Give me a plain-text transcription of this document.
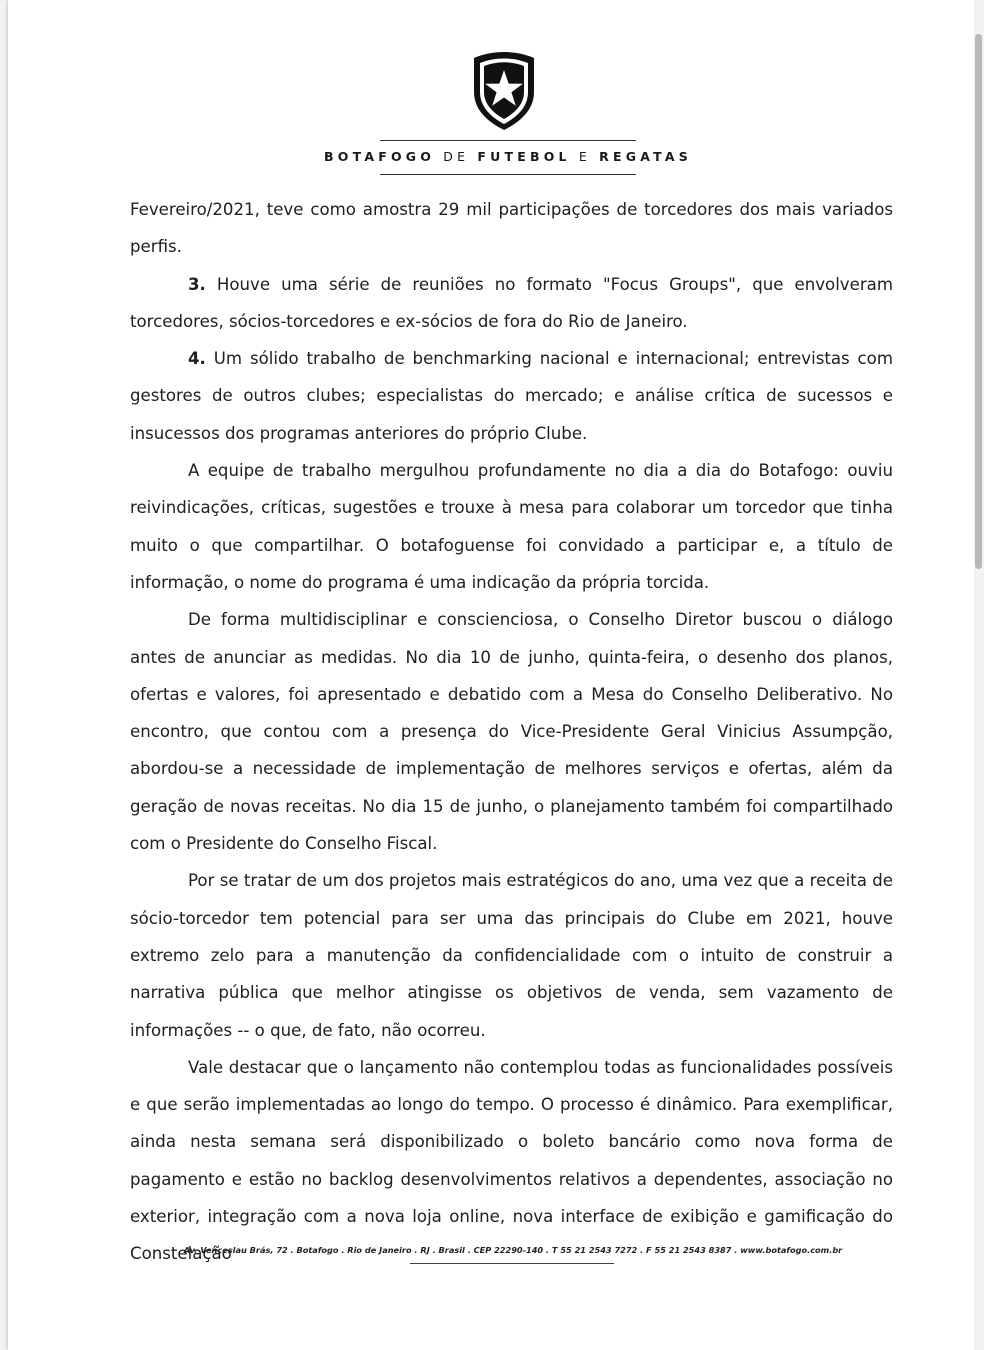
BOTAFOGO DE FUTEBOL E REGATAS

Fevereiro/2021, teve como amostra 29 mil participações de torcedores dos mais variados perfis.

3. Houve uma série de reuniões no formato "Focus Groups", que envolveram torcedores, sócios-torcedores e ex-sócios de fora do Rio de Janeiro.

4. Um sólido trabalho de benchmarking nacional e internacional; entrevistas com gestores de outros clubes; especialistas do mercado; e análise crítica de sucessos e insucessos dos programas anteriores do próprio Clube.

A equipe de trabalho mergulhou profundamente no dia a dia do Botafogo: ouviu reivindicações, críticas, sugestões e trouxe à mesa para colaborar um torcedor que tinha muito o que compartilhar. O botafoguense foi convidado a participar e, a título de informação, o nome do programa é uma indicação da própria torcida.

De forma multidisciplinar e conscienciosa, o Conselho Diretor buscou o diálogo antes de anunciar as medidas. No dia 10 de junho, quinta-feira, o desenho dos planos, ofertas e valores, foi apresentado e debatido com a Mesa do Conselho Deliberativo. No encontro, que contou com a presença do Vice-Presidente Geral Vinicius Assumpção, abordou-se a necessidade de implementação de melhores serviços e ofertas, além da geração de novas receitas. No dia 15 de junho, o planejamento também foi compartilhado com o Presidente do Conselho Fiscal.

Por se tratar de um dos projetos mais estratégicos do ano, uma vez que a receita de sócio-torcedor tem potencial para ser uma das principais do Clube em 2021, houve extremo zelo para a manutenção da confidencialidade com o intuito de construir a narrativa pública que melhor atingisse os objetivos de venda, sem vazamento de informações -- o que, de fato, não ocorreu.

Vale destacar que o lançamento não contemplou todas as funcionalidades possíveis e que serão implementadas ao longo do tempo. O processo é dinâmico. Para exemplificar, ainda nesta semana será disponibilizado o boleto bancário como nova forma de pagamento e estão no backlog desenvolvimentos relativos a dependentes, associação no exterior, integração com a nova loja online, nova interface de exibição e gamificação do Constelação

Av. Venceslau Brás, 72 . Botafogo . Rio de Janeiro . RJ . Brasil . CEP 22290-140 . T 55 21 2543 7272 . F 55 21 2543 8387 . www.botafogo.com.br
